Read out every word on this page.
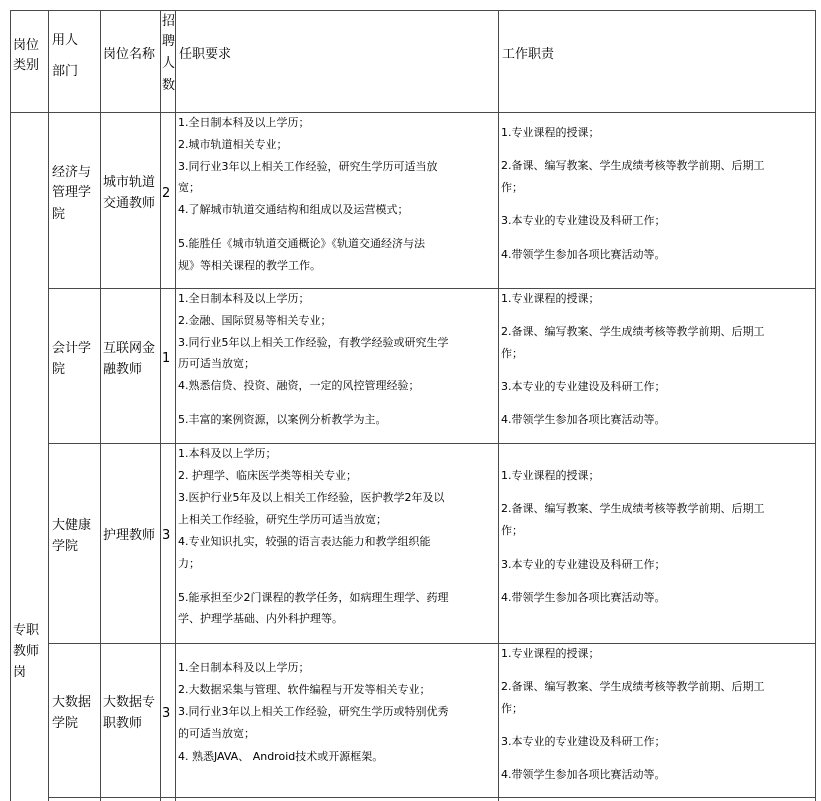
岗位
类别
用人
部门
岗位名称
招
聘
人
数
任职要求	工作职责
专职
教师
岗
经济与
管理学
院
城市轨道
交通教师
2
1.全日制本科及以上学历；
2.城市轨道相关专业；
3.同行业3年以上相关工作经验，研究生学历可适当放
宽；
4.了解城市轨道交通结构和组成以及运营模式；
5.能胜任《城市轨道交通概论》《轨道交通经济与法
规》等相关课程的教学工作。
1.专业课程的授课；
2.备课、编写教案、学生成绩考核等教学前期、后期工
作；
3.本专业的专业建设及科研工作；
4.带领学生参加各项比赛活动等。
会计学
院
互联网金
融教师
1
1.全日制本科及以上学历；
2.金融、国际贸易等相关专业；
3.同行业5年以上相关工作经验，有教学经验或研究生学
历可适当放宽；
4.熟悉信贷、投资、融资，一定的风控管理经验；
5.丰富的案例资源，以案例分析教学为主。
1.专业课程的授课；
2.备课、编写教案、学生成绩考核等教学前期、后期工
作；
3.本专业的专业建设及科研工作；
4.带领学生参加各项比赛活动等。
大健康
学院
护理教师 3
1.本科及以上学历；
2. 护理学、临床医学类等相关专业；
3.医护行业5年及以上相关工作经验，医护教学2年及以
上相关工作经验，研究生学历可适当放宽；
4.专业知识扎实，较强的语言表达能力和教学组织能
力；
5.能承担至少2门课程的教学任务，如病理生理学、药理
学、护理学基础、内外科护理等。
1.专业课程的授课；
2.备课、编写教案、学生成绩考核等教学前期、后期工
作；
3.本专业的专业建设及科研工作；
4.带领学生参加各项比赛活动等。
大数据
学院
大数据专
职教师
3
1.全日制本科及以上学历；
2.大数据采集与管理、软件编程与开发等相关专业；
3.同行业3年以上相关工作经验，研究生学历或特别优秀
的可适当放宽；
4. 熟悉JAVA、 Android技术或开源框架。
1.专业课程的授课；
2.备课、编写教案、学生成绩考核等教学前期、后期工
作；
3.本专业的专业建设及科研工作；
4.带领学生参加各项比赛活动等。
